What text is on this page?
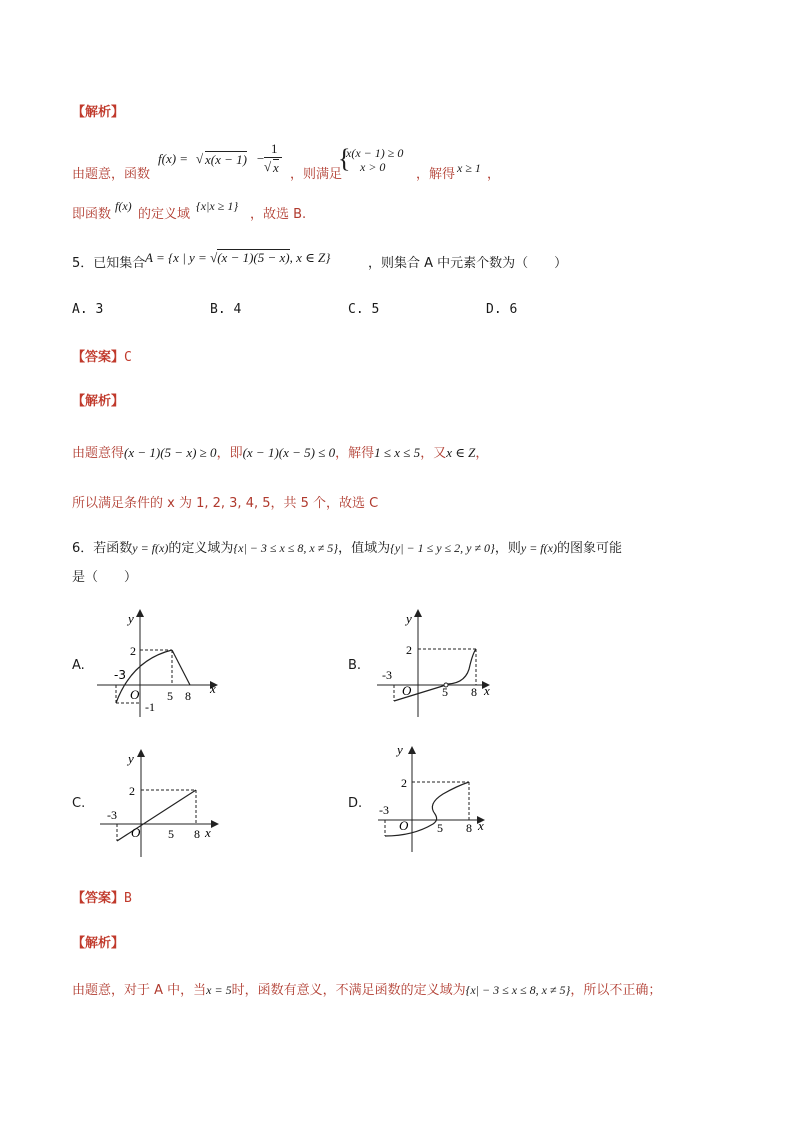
【解析】
由题意，函数
f(x) = √ x(x − 1) −
1
√ x ，则满足
{
x(x − 1) ≥ 0
x > 0 ，解得 x ≥ 1 ，
即函数
f(x)
的定义域
{x|x ≥ 1}
，故选 B.
5．已知集合 A = {x | y = √(x − 1)(5 − x), x ∈ Z}	，则集合 A 中元素个数为（　　）
A. 3	B. 4	C. 5	D. 6
【答案】C
【解析】
由题意得(x − 1)(5 − x) ≥ 0，即(x − 1)(x − 5) ≤ 0，解得1 ≤ x ≤ 5，又x ∈ Z，
所以满足条件的 x 为 1, 2, 3, 4, 5，共 5 个，故选 C
6．若函数y = f(x)的定义域为{x| − 3 ≤ x ≤ 8, x ≠ 5}，值域为{y| − 1 ≤ y ≤ 2, y ≠ 0}，则y = f(x)的图象可能
是（　　）
A.
-3
O 5 8
2
-1
x
y
B.
-3
O	5 8
2
x
y
C.
-3
O 5 8
2
x
y
D. -3
O 5 8
2
x
y
【答案】B
【解析】
由题意，对于 A 中，当x = 5时，函数有意义，不满足函数的定义域为{x| − 3 ≤ x ≤ 8, x ≠ 5}，所以不正确；
